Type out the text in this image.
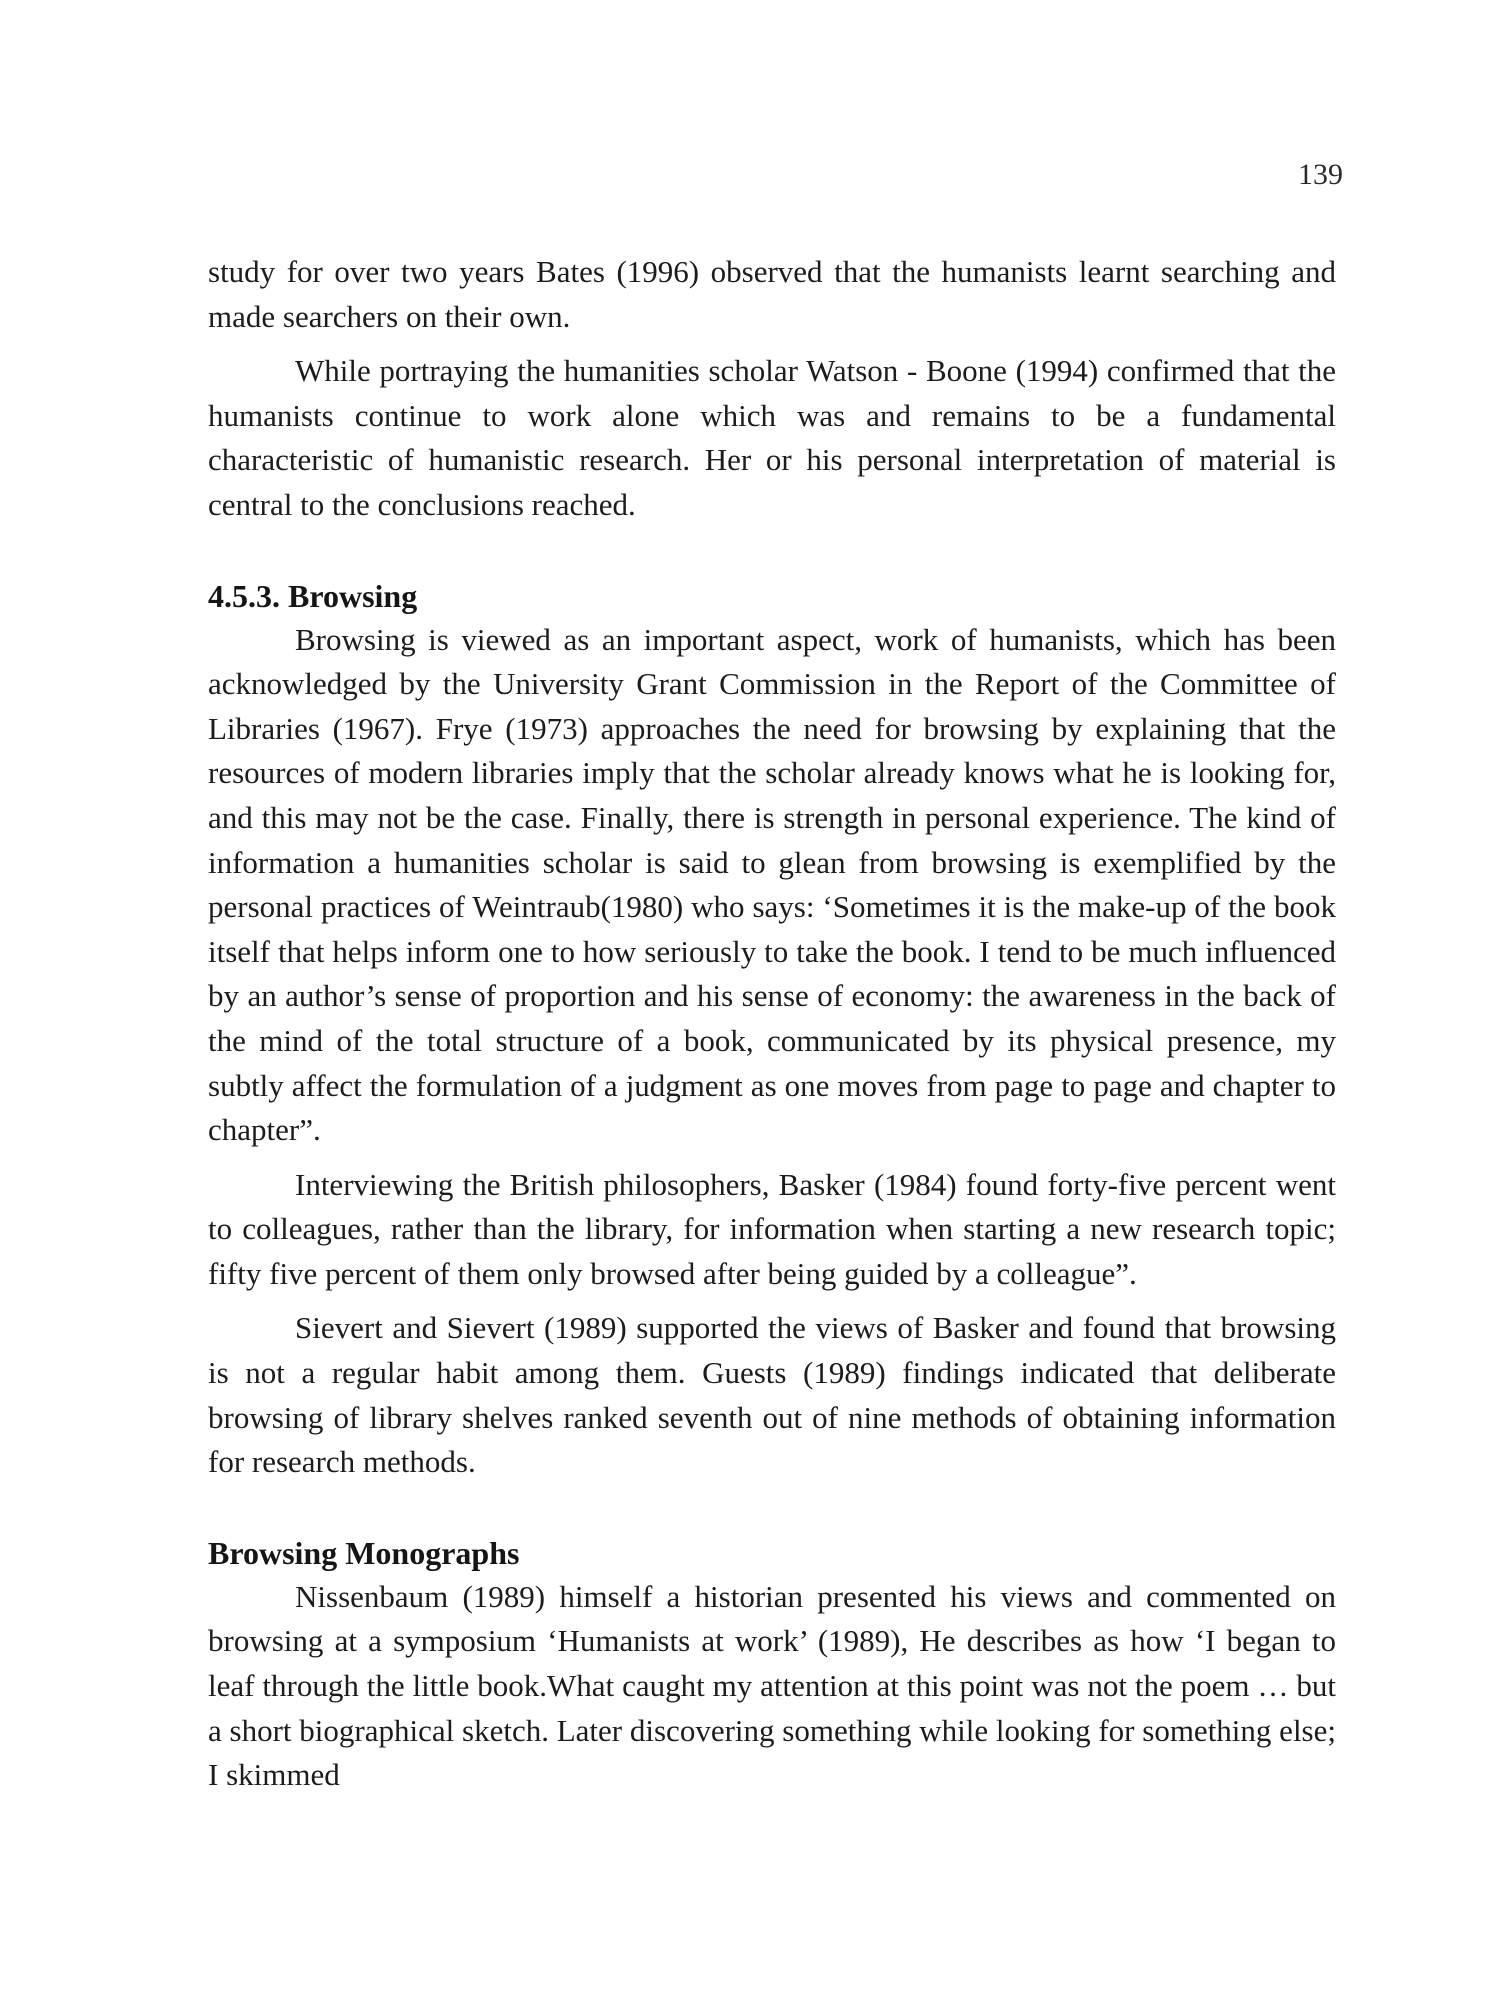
139

study for over two years Bates (1996) observed that the humanists learnt searching and made searchers on their own.

While portraying the humanities scholar Watson - Boone (1994) confirmed that the humanists continue to work alone which was and remains to be a fundamental characteristic of humanistic research. Her or his personal interpretation of material is central to the conclusions reached.

4.5.3. Browsing

Browsing is viewed as an important aspect, work of humanists, which has been acknowledged by the University Grant Commission in the Report of the Committee of Libraries (1967). Frye (1973) approaches the need for browsing by explaining that the resources of modern libraries imply that the scholar already knows what he is looking for, and this may not be the case. Finally, there is strength in personal experience. The kind of information a humanities scholar is said to glean from browsing is exemplified by the personal practices of Weintraub(1980) who says: ‘Sometimes it is the make-up of the book itself that helps inform one to how seriously to take the book. I tend to be much influenced by an author’s sense of proportion and his sense of economy: the awareness in the back of the mind of the total structure of a book, communicated by its physical presence, my subtly affect the formulation of a judgment as one moves from page to page and chapter to chapter”.

Interviewing the British philosophers, Basker (1984) found forty-five percent went to colleagues, rather than the library, for information when starting a new research topic; fifty five percent of them only browsed after being guided by a colleague”.

Sievert and Sievert (1989) supported the views of Basker and found that browsing is not a regular habit among them. Guests (1989) findings indicated that deliberate browsing of library shelves ranked seventh out of nine methods of obtaining information for research methods.

Browsing Monographs

Nissenbaum (1989) himself a historian presented his views and commented on browsing at a symposium ‘Humanists at work’ (1989), He describes as how ‘I began to leaf through the little book.What caught my attention at this point was not the poem … but a short biographical sketch. Later discovering something while looking for something else; I skimmed
